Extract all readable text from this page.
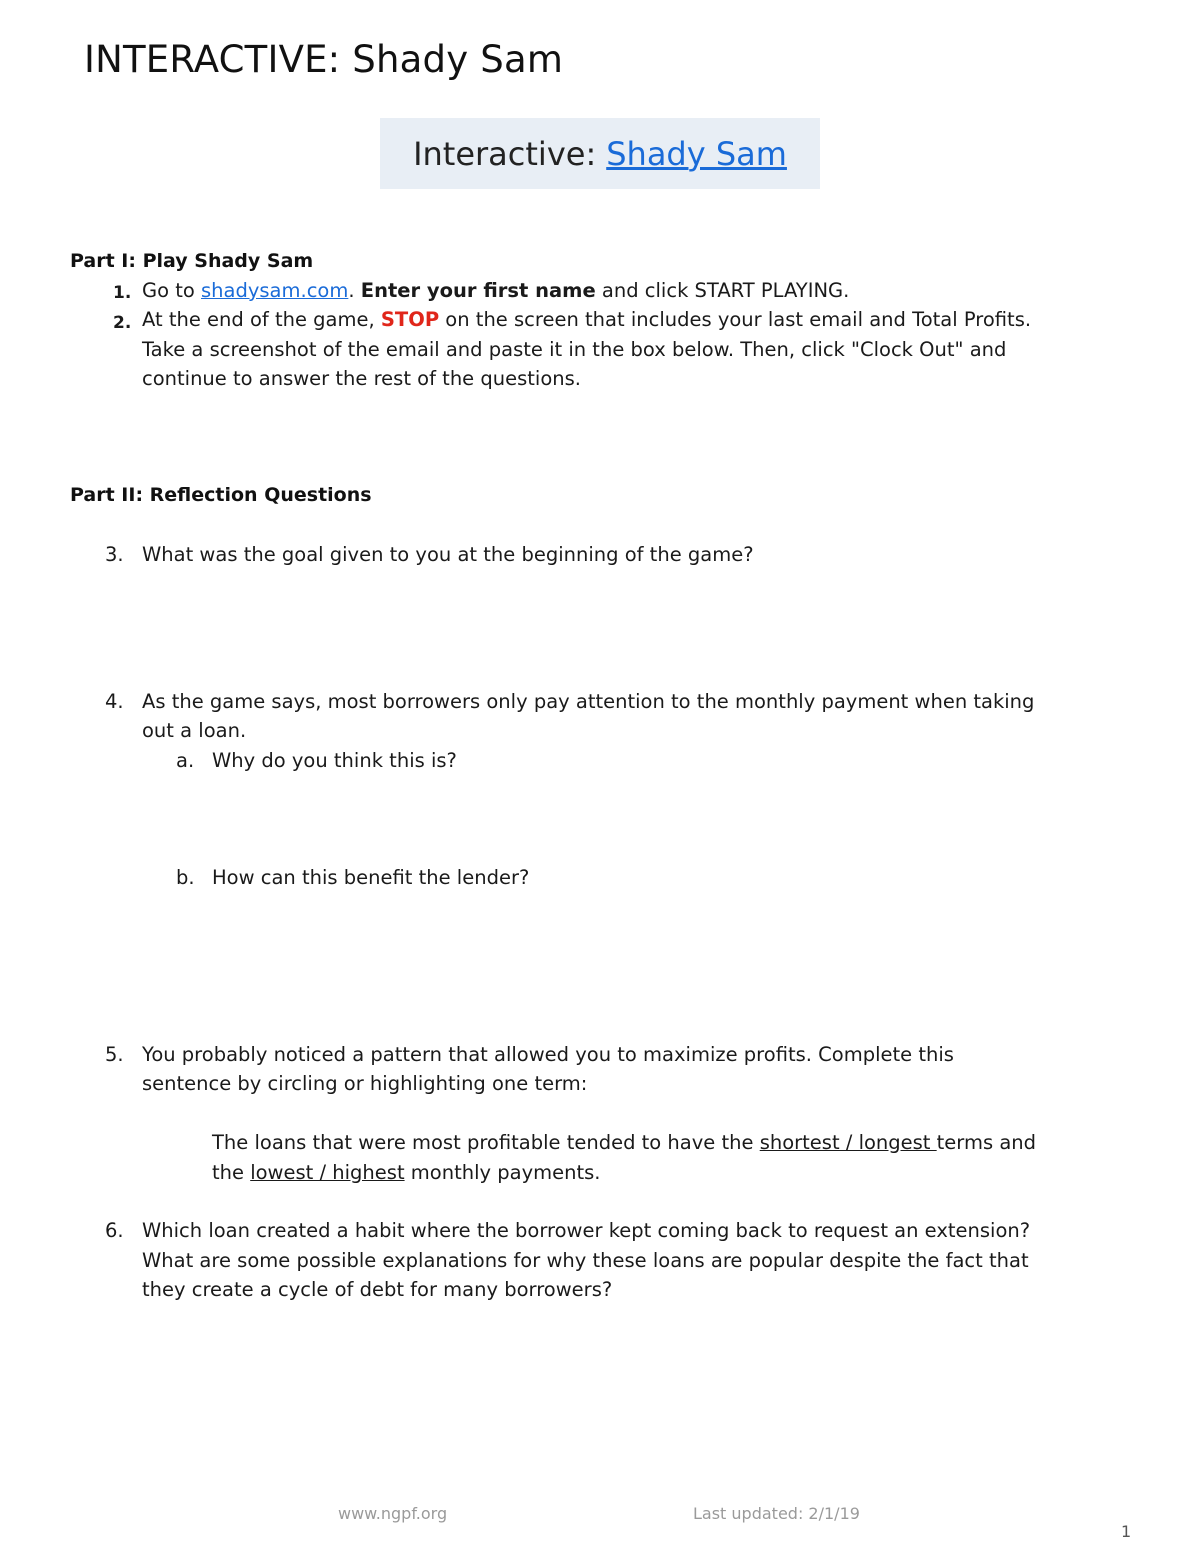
INTERACTIVE: Shady Sam
Interactive: Shady Sam
Part I: Play Shady Sam
1. Go to shadysam.com. Enter your first name and click START PLAYING.
2. At the end of the game, STOP on the screen that includes your last email and Total Profits.
Take a screenshot of the email and paste it in the box below. Then, click "Clock Out" and
continue to answer the rest of the questions.
Part II: Reflection Questions
3. What was the goal given to you at the beginning of the game?
4. As the game says, most borrowers only pay attention to the monthly payment when taking
out a loan.
a. Why do you think this is?
b. How can this benefit the lender?
5. You probably noticed a pattern that allowed you to maximize profits. Complete this
sentence by circling or highlighting one term:
The loans that were most profitable tended to have the shortest / longest terms and
the lowest / highest monthly payments.
6. Which loan created a habit where the borrower kept coming back to request an extension?
What are some possible explanations for why these loans are popular despite the fact that
they create a cycle of debt for many borrowers?
www.ngpf.org	Last updated: 2/1/19
1
